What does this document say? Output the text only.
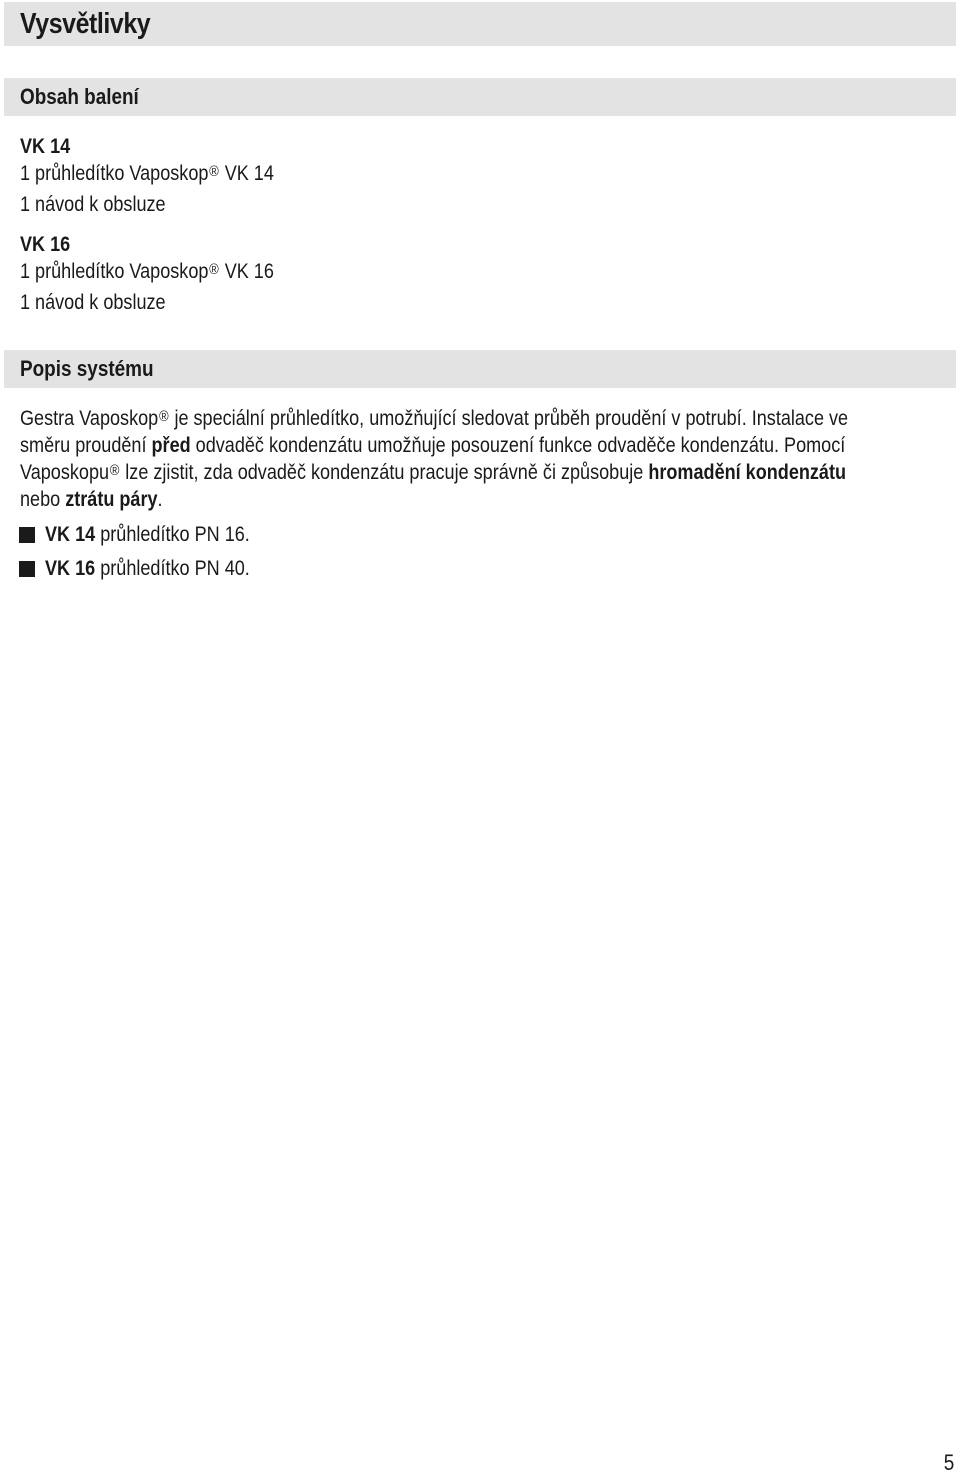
Vysvětlivky
Obsah balení
VK 14
1 průhledítko Vaposkop® VK 14
1 návod k obsluze
VK 16
1 průhledítko Vaposkop® VK 16
1 návod k obsluze
Popis systému
Gestra Vaposkop® je speciální průhledítko, umožňující sledovat průběh proudění v potrubí. Instalace ve
směru proudění před odvaděč kondenzátu umožňuje posouzení funkce odvaděče kondenzátu. Pomocí
Vaposkopu® lze zjistit, zda odvaděč kondenzátu pracuje správně či způsobuje hromadění kondenzátu
nebo ztrátu páry.
VK 14 průhledítko PN 16.
VK 16 průhledítko PN 40.
5
